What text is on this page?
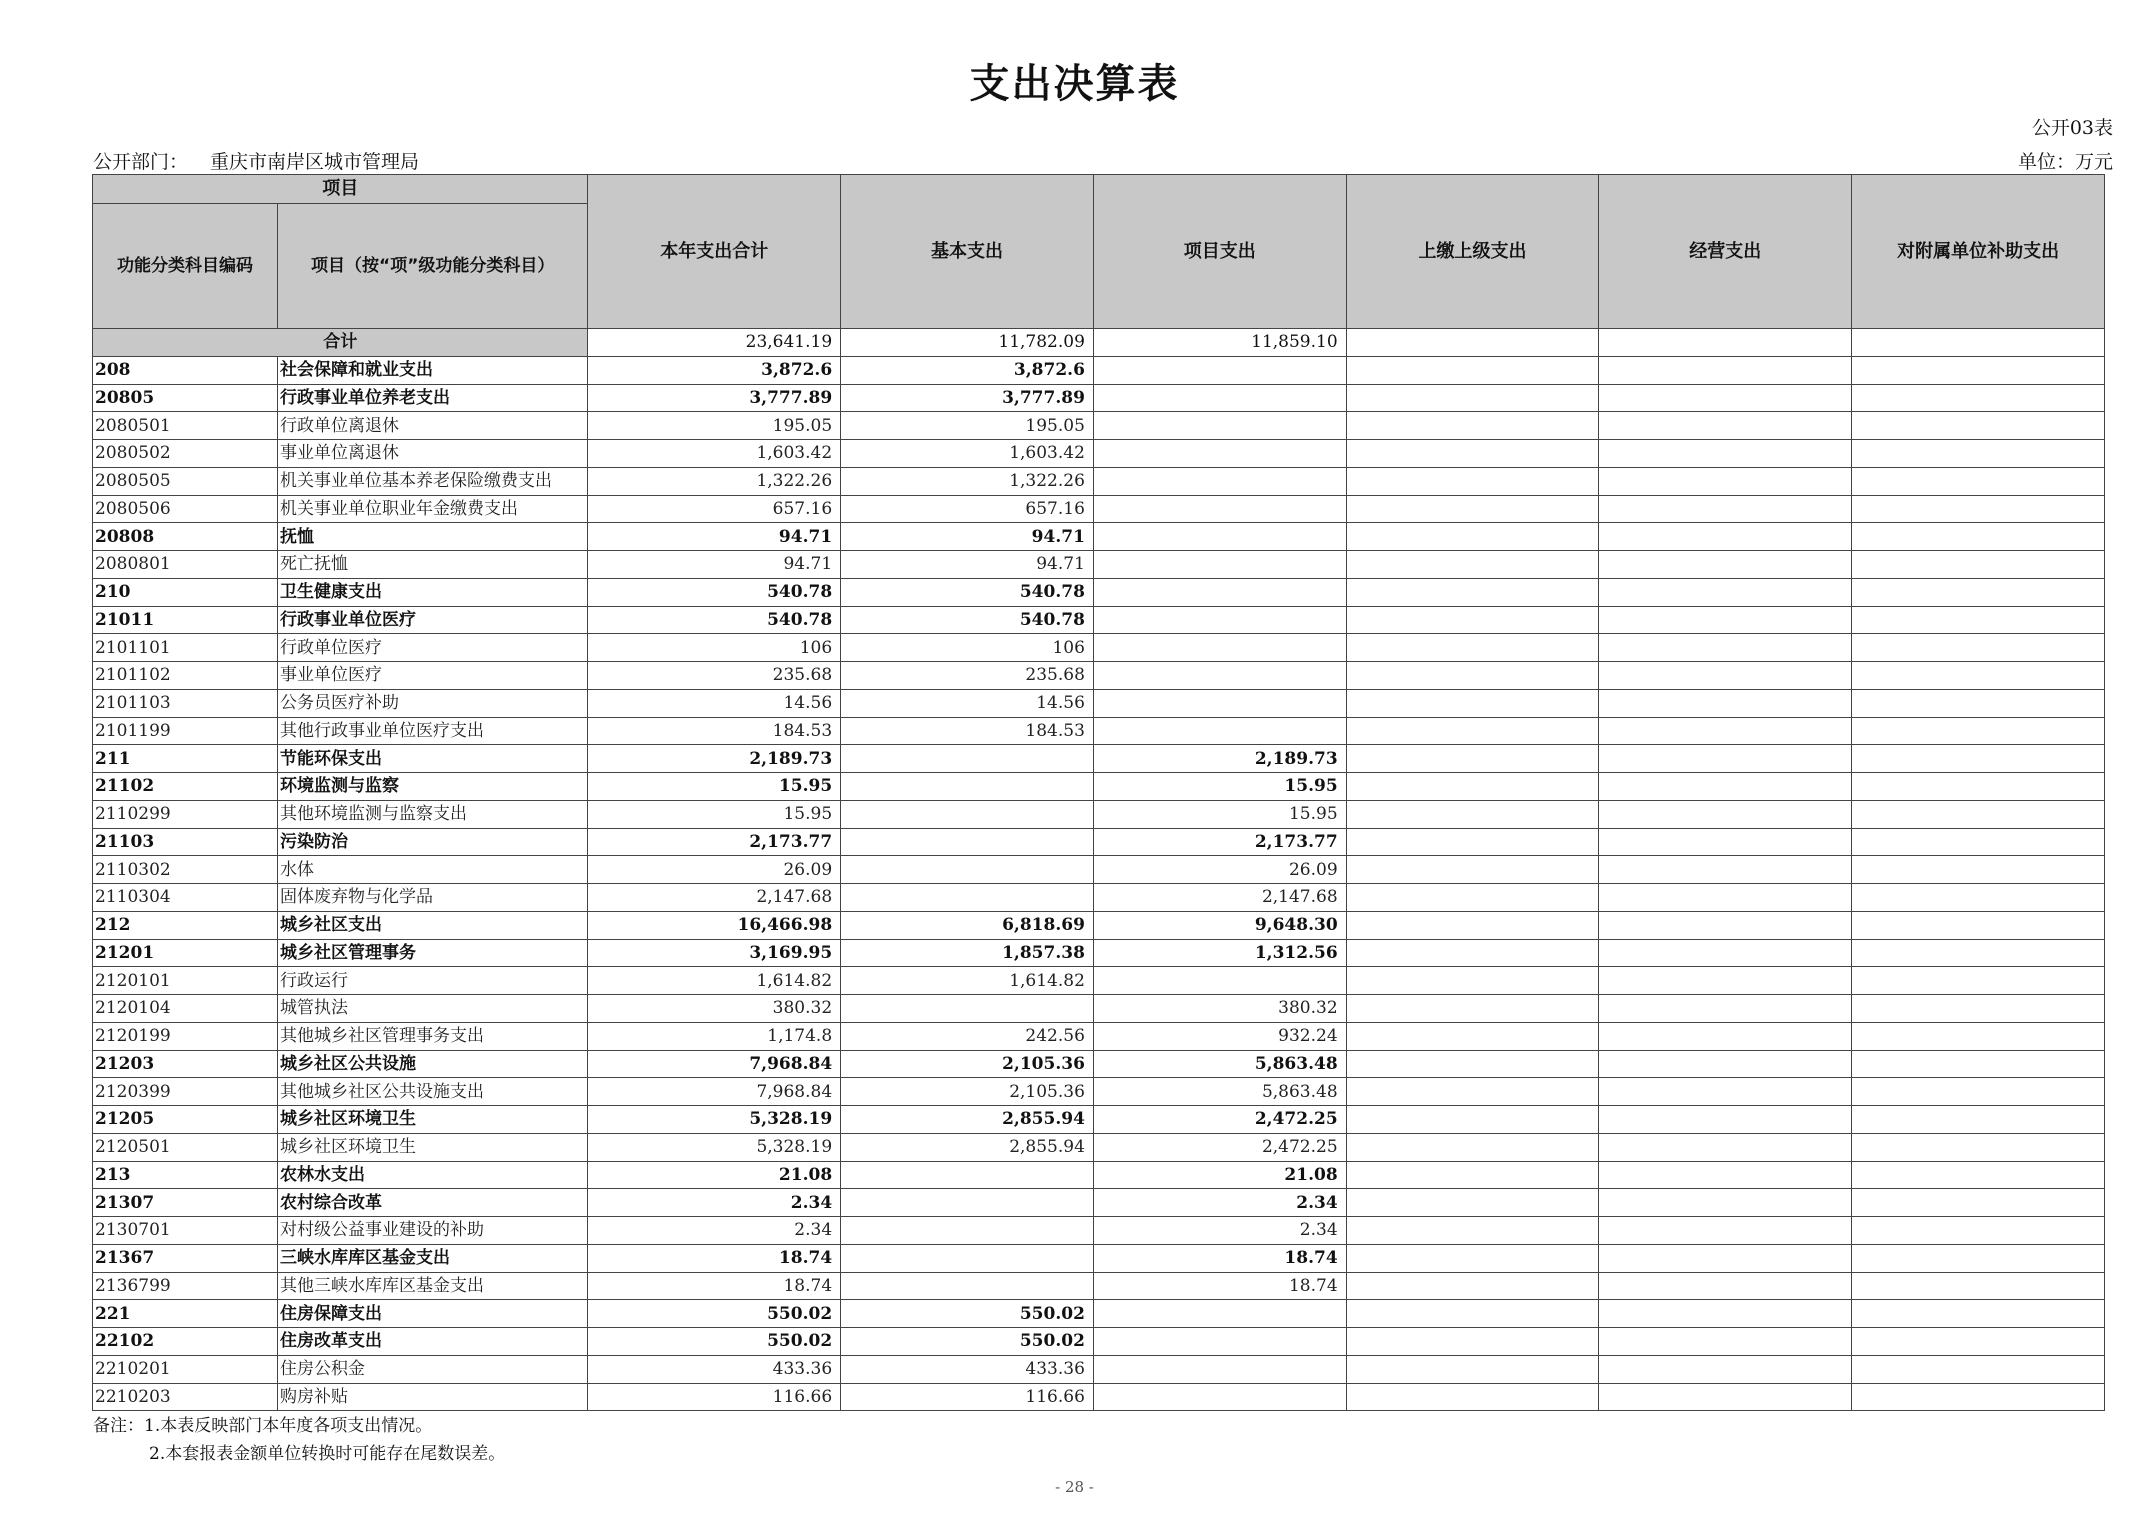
支出决算表
公开03表
公开部门： 重庆市南岸区城市管理局	单位：万元
项目		本年支出合计	基本支出	项目支出	上缴上级支出	经营支出	对附属单位补助支出
功能分类科目编码	项目（按“项”级功能分类科目）						
合计		23,641.19	11,782.09	11,859.10			
208	社会保障和就业支出	3,872.6	3,872.6				
20805	行政事业单位养老支出	3,777.89	3,777.89				
2080501	行政单位离退休	195.05	195.05				
2080502	事业单位离退休	1,603.42	1,603.42				
2080505	机关事业单位基本养老保险缴费支出	1,322.26	1,322.26				
2080506	机关事业单位职业年金缴费支出	657.16	657.16				
20808	抚恤	94.71	94.71				
2080801	死亡抚恤	94.71	94.71				
210	卫生健康支出	540.78	540.78				
21011	行政事业单位医疗	540.78	540.78				
2101101	行政单位医疗	106	106				
2101102	事业单位医疗	235.68	235.68				
2101103	公务员医疗补助	14.56	14.56				
2101199	其他行政事业单位医疗支出	184.53	184.53				
211	节能环保支出	2,189.73		2,189.73			
21102	环境监测与监察	15.95		15.95			
2110299	其他环境监测与监察支出	15.95		15.95			
21103	污染防治	2,173.77		2,173.77			
2110302	水体	26.09		26.09			
2110304	固体废弃物与化学品	2,147.68		2,147.68			
212	城乡社区支出	16,466.98	6,818.69	9,648.30			
21201	城乡社区管理事务	3,169.95	1,857.38	1,312.56			
2120101	行政运行	1,614.82	1,614.82				
2120104	城管执法	380.32		380.32			
2120199	其他城乡社区管理事务支出	1,174.8	242.56	932.24			
21203	城乡社区公共设施	7,968.84	2,105.36	5,863.48			
2120399	其他城乡社区公共设施支出	7,968.84	2,105.36	5,863.48			
21205	城乡社区环境卫生	5,328.19	2,855.94	2,472.25			
2120501	城乡社区环境卫生	5,328.19	2,855.94	2,472.25			
213	农林水支出	21.08		21.08			
21307	农村综合改革	2.34		2.34			
2130701	对村级公益事业建设的补助	2.34		2.34			
21367	三峡水库库区基金支出	18.74		18.74			
2136799	其他三峡水库库区基金支出	18.74		18.74			
221	住房保障支出	550.02	550.02				
22102	住房改革支出	550.02	550.02				
2210201	住房公积金	433.36	433.36				
2210203	购房补贴	116.66	116.66				
备注：1.本表反映部门本年度各项支出情况。
2.本套报表金额单位转换时可能存在尾数误差。
- 28 -
